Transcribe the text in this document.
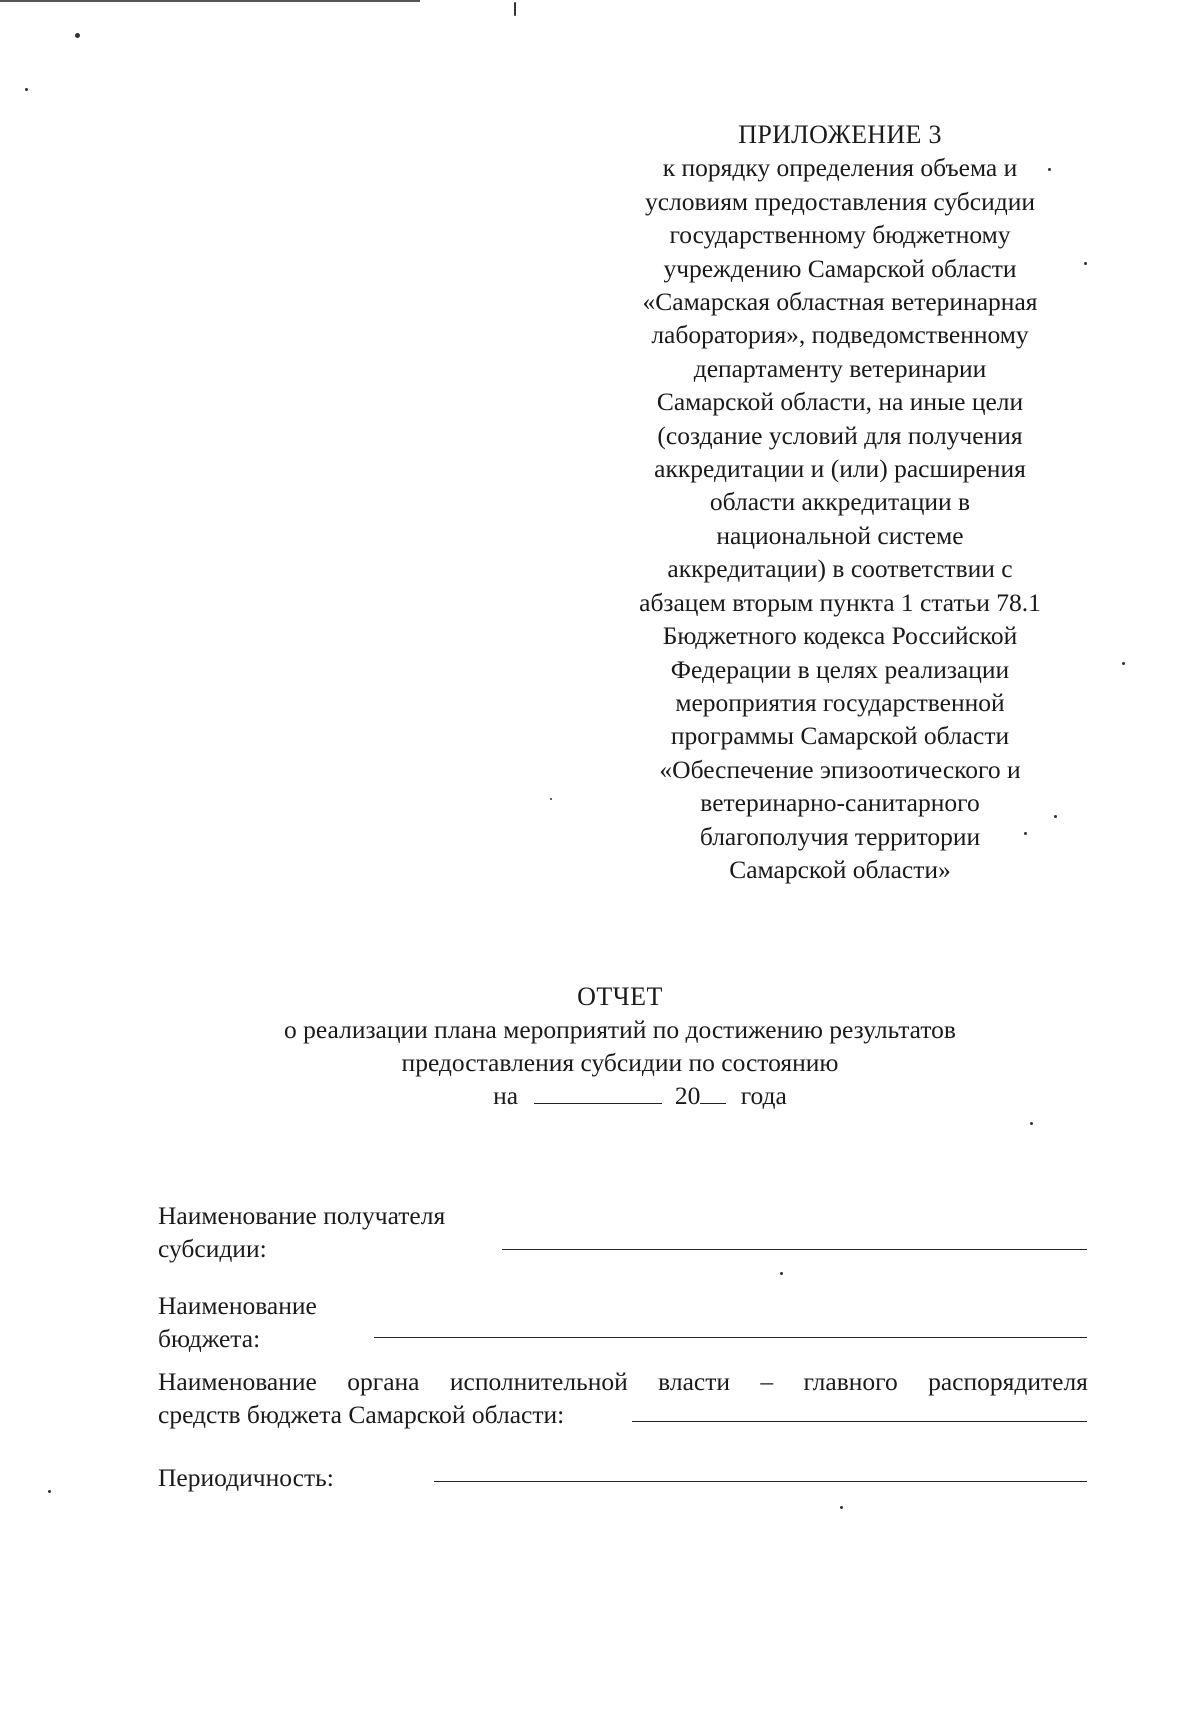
ПРИЛОЖЕНИЕ 3
к порядку определения объема и
условиям предоставления субсидии
государственному бюджетному
учреждению Самарской области
«Самарская областная ветеринарная
лаборатория», подведомственному
департаменту ветеринарии
Самарской области, на иные цели
(создание условий для получения
аккредитации и (или) расширения
области аккредитации в
национальной системе
аккредитации) в соответствии с
абзацем вторым пункта 1 статьи 78.1
Бюджетного кодекса Российской
Федерации в целях реализации
мероприятия государственной
программы Самарской области
«Обеспечение эпизоотического и
ветеринарно-санитарного
благополучия территории
Самарской области»
ОТЧЕТ
о реализации плана мероприятий по достижению результатов
предоставления субсидии по состоянию
на	20 года
Наименование получателя
субсидии:
Наименование
бюджета:
Наименование органа исполнительной власти – главного распорядителя
средств бюджета Самарской области:
Периодичность:
